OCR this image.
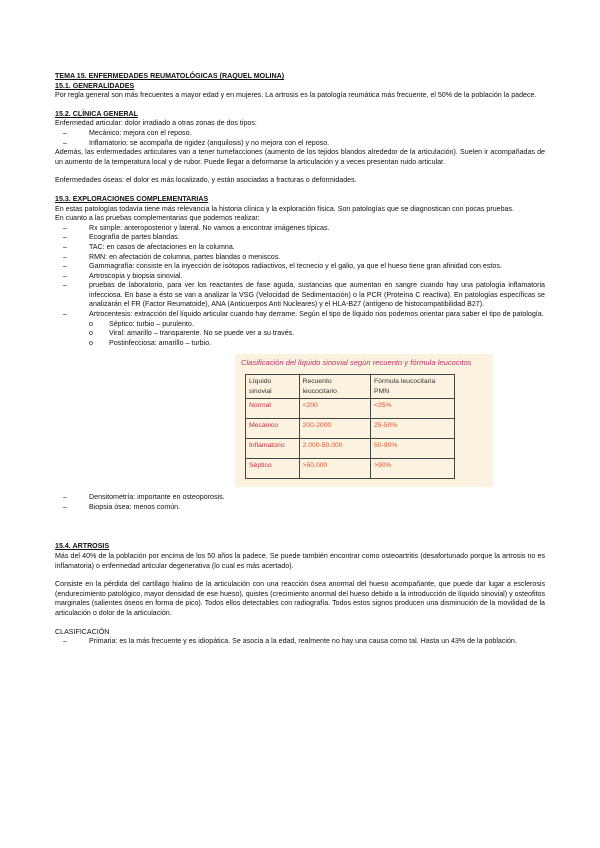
TEMA 15. ENFERMEDADES REUMATOLÓGICAS (RAQUEL MOLINA)
15.1. GENERALIDADES

Por regla general son más frecuentes a mayor edad y en mujeres. La artrosis es la patología reumática más frecuente, el 50% de la población la padece.

15.2. CLÍNICA GENERAL
Enfermedad articular: dolor irradiado a otras zonas de dos tipos:
– Mecánico: mejora con el reposo.
– Inflamatorio: se acompaña de rigidez (anquilosis) y no mejora con el reposo.

Además, las enfermedades articulares van a tener tumefacciones (aumento de los tejidos blandos alrededor de la articulación). Suelen ir acompañadas de un aumento de la temperatura local y de rubor. Puede llegar a deformarse la articulación y a veces presentan ruido articular.

Enfermedades óseas: el dolor es más localizado, y están asociadas a fracturas o deformidades.

15.3. EXPLORACIONES COMPLEMENTARIAS

En estas patologías todavía tiene más relevancia la historia clínica y la exploración física. Son patologías que se diagnostican con pocas pruebas.

En cuanto a las pruebas complementarias que podemos realizar:
– Rx simple: anteroposterior y lateral. No vamos a encontrar imágenes típicas.
– Ecografía de partes blandas.
– TAC: en casos de afectaciones en la columna.
– RMN: en afectación de columna, partes blandas o meniscos.
– Gammagrafía: consiste en la inyección de isótopos radiactivos, el tecnecio y el galio, ya que el hueso tiene gran afinidad con estos.
– Artroscopia y biopsia sinovial.
– pruebas de laboratorio, para ver los reactantes de fase aguda, sustancias que aumentan en sangre cuando hay una patología inflamatoria infecciosa. En base a ésto se van a analizar la VSG (Velocidad de Sedimentación) o la PCR (Proteína C reactiva). En patologías específicas se analizarán el FR (Factor Reumatoide), ANA (Anticuerpos Anti Nucleares) y el HLA-B27 (antígeno de histocompatibilidad B27).
– Artrocentesis: extracción del líquido articular cuando hay derrame. Según el tipo de líquido nos podemos orientar para saber el tipo de patología.
o Séptico: turbio – purulento.
o Viral: amarillo – transparente. No se puede ver a su través.
o Postinfecciosa: amarillo – turbio.
Clasificación del líquido sinovial según recuento y fórmula leucocitos
Líquido sinovial	Recuento leucocitario	Fórmula leucocitaria PMN
Normal	<200	<25%
Mecánico	200-2000	25-50%
Inflamatorio	2.000-50.000	50-90%
Séptico	>50.000	>90%
– Densitometría: importante en osteoporosis.
– Biopsia ósea: menos común.
15.4. ARTROSIS

Más del 40% de la población por encima de los 50 años la padece. Se puede también encontrar como osteoartritis (desafortunado porque la artrosis no es inflamatoria) o enfermedad articular degenerativa (lo cual es más acertado).

Consiste en la pérdida del cartílago hialino de la articulación con una reacción ósea anormal del hueso acompañante, que puede dar lugar a esclerosis (endurecimiento patológico, mayor densidad de ese hueso), quistes (crecimiento anormal del hueso debido a la introducción de líquido sinovial) y osteofitos marginales (salientes óseos en forma de pico). Todos ellos detectables con radiografía. Todos estos signos producen una disminución de la movilidad de la articulación o dolor de la articulación.

CLASIFICACIÓN
– Primaria: es la más frecuente y es idiopática. Se asocia a la edad, realmente no hay una causa como tal. Hasta un 43% de la población.
